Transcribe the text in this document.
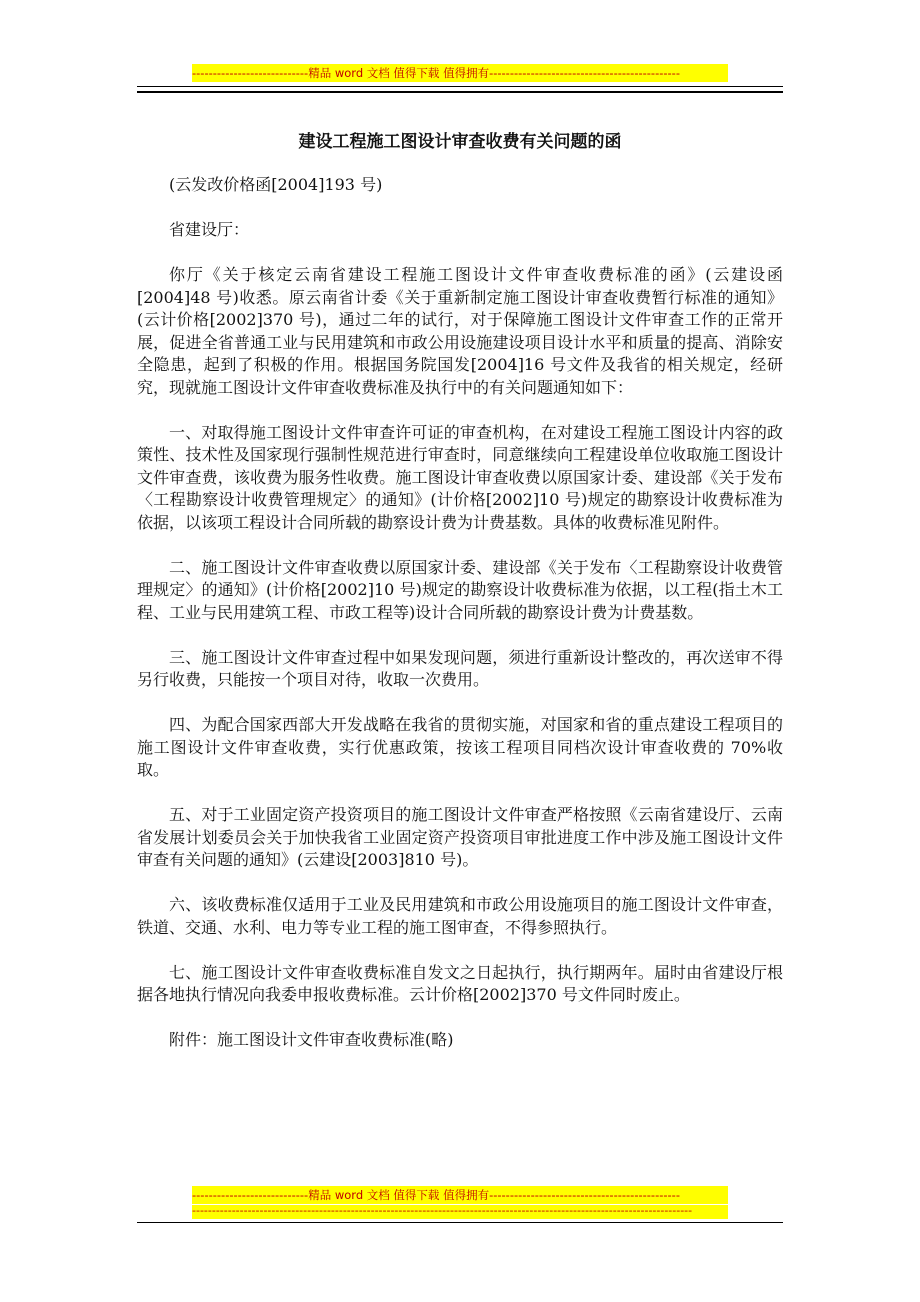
----------------------------精品 word 文档 值得下载 值得拥有----------------------------------------------
建设工程施工图设计审查收费有关问题的函

(云发改价格函[2004]193 号)

省建设厅：

你厅《关于核定云南省建设工程施工图设计文件审查收费标准的函》(云建设函[2004]48 号)收悉。原云南省计委《关于重新制定施工图设计审查收费暂行标准的通知》(云计价格[2002]370 号)，通过二年的试行，对于保障施工图设计文件审查工作的正常开展，促进全省普通工业与民用建筑和市政公用设施建设项目设计水平和质量的提高、消除安全隐患，起到了积极的作用。根据国务院国发[2004]16 号文件及我省的相关规定，经研究，现就施工图设计文件审查收费标准及执行中的有关问题通知如下：

一、对取得施工图设计文件审查许可证的审查机构，在对建设工程施工图设计内容的政策性、技术性及国家现行强制性规范进行审查时，同意继续向工程建设单位收取施工图设计文件审查费，该收费为服务性收费。施工图设计审查收费以原国家计委、建设部《关于发布〈工程勘察设计收费管理规定〉的通知》(计价格[2002]10 号)规定的勘察设计收费标准为依据，以该项工程设计合同所载的勘察设计费为计费基数。具体的收费标准见附件。

二、施工图设计文件审查收费以原国家计委、建设部《关于发布〈工程勘察设计收费管理规定〉的通知》(计价格[2002]10 号)规定的勘察设计收费标准为依据，以工程(指土木工程、工业与民用建筑工程、市政工程等)设计合同所载的勘察设计费为计费基数。

三、施工图设计文件审查过程中如果发现问题，须进行重新设计整改的，再次送审不得另行收费，只能按一个项目对待，收取一次费用。

四、为配合国家西部大开发战略在我省的贯彻实施，对国家和省的重点建设工程项目的施工图设计文件审查收费，实行优惠政策，按该工程项目同档次设计审查收费的 70%收取。

五、对于工业固定资产投资项目的施工图设计文件审查严格按照《云南省建设厅、云南省发展计划委员会关于加快我省工业固定资产投资项目审批进度工作中涉及施工图设计文件审查有关问题的通知》(云建设[2003]810 号)。

六、该收费标准仅适用于工业及民用建筑和市政公用设施项目的施工图设计文件审查，铁道、交通、水利、电力等专业工程的施工图审查，不得参照执行。

七、施工图设计文件审查收费标准自发文之日起执行，执行期两年。届时由省建设厅根据各地执行情况向我委申报收费标准。云计价格[2002]370 号文件同时废止。

附件：施工图设计文件审查收费标准(略)

----------------------------精品 word 文档 值得下载 值得拥有----------------------------------------------
------------------------------------------------------------------------------------------------------------------------------
